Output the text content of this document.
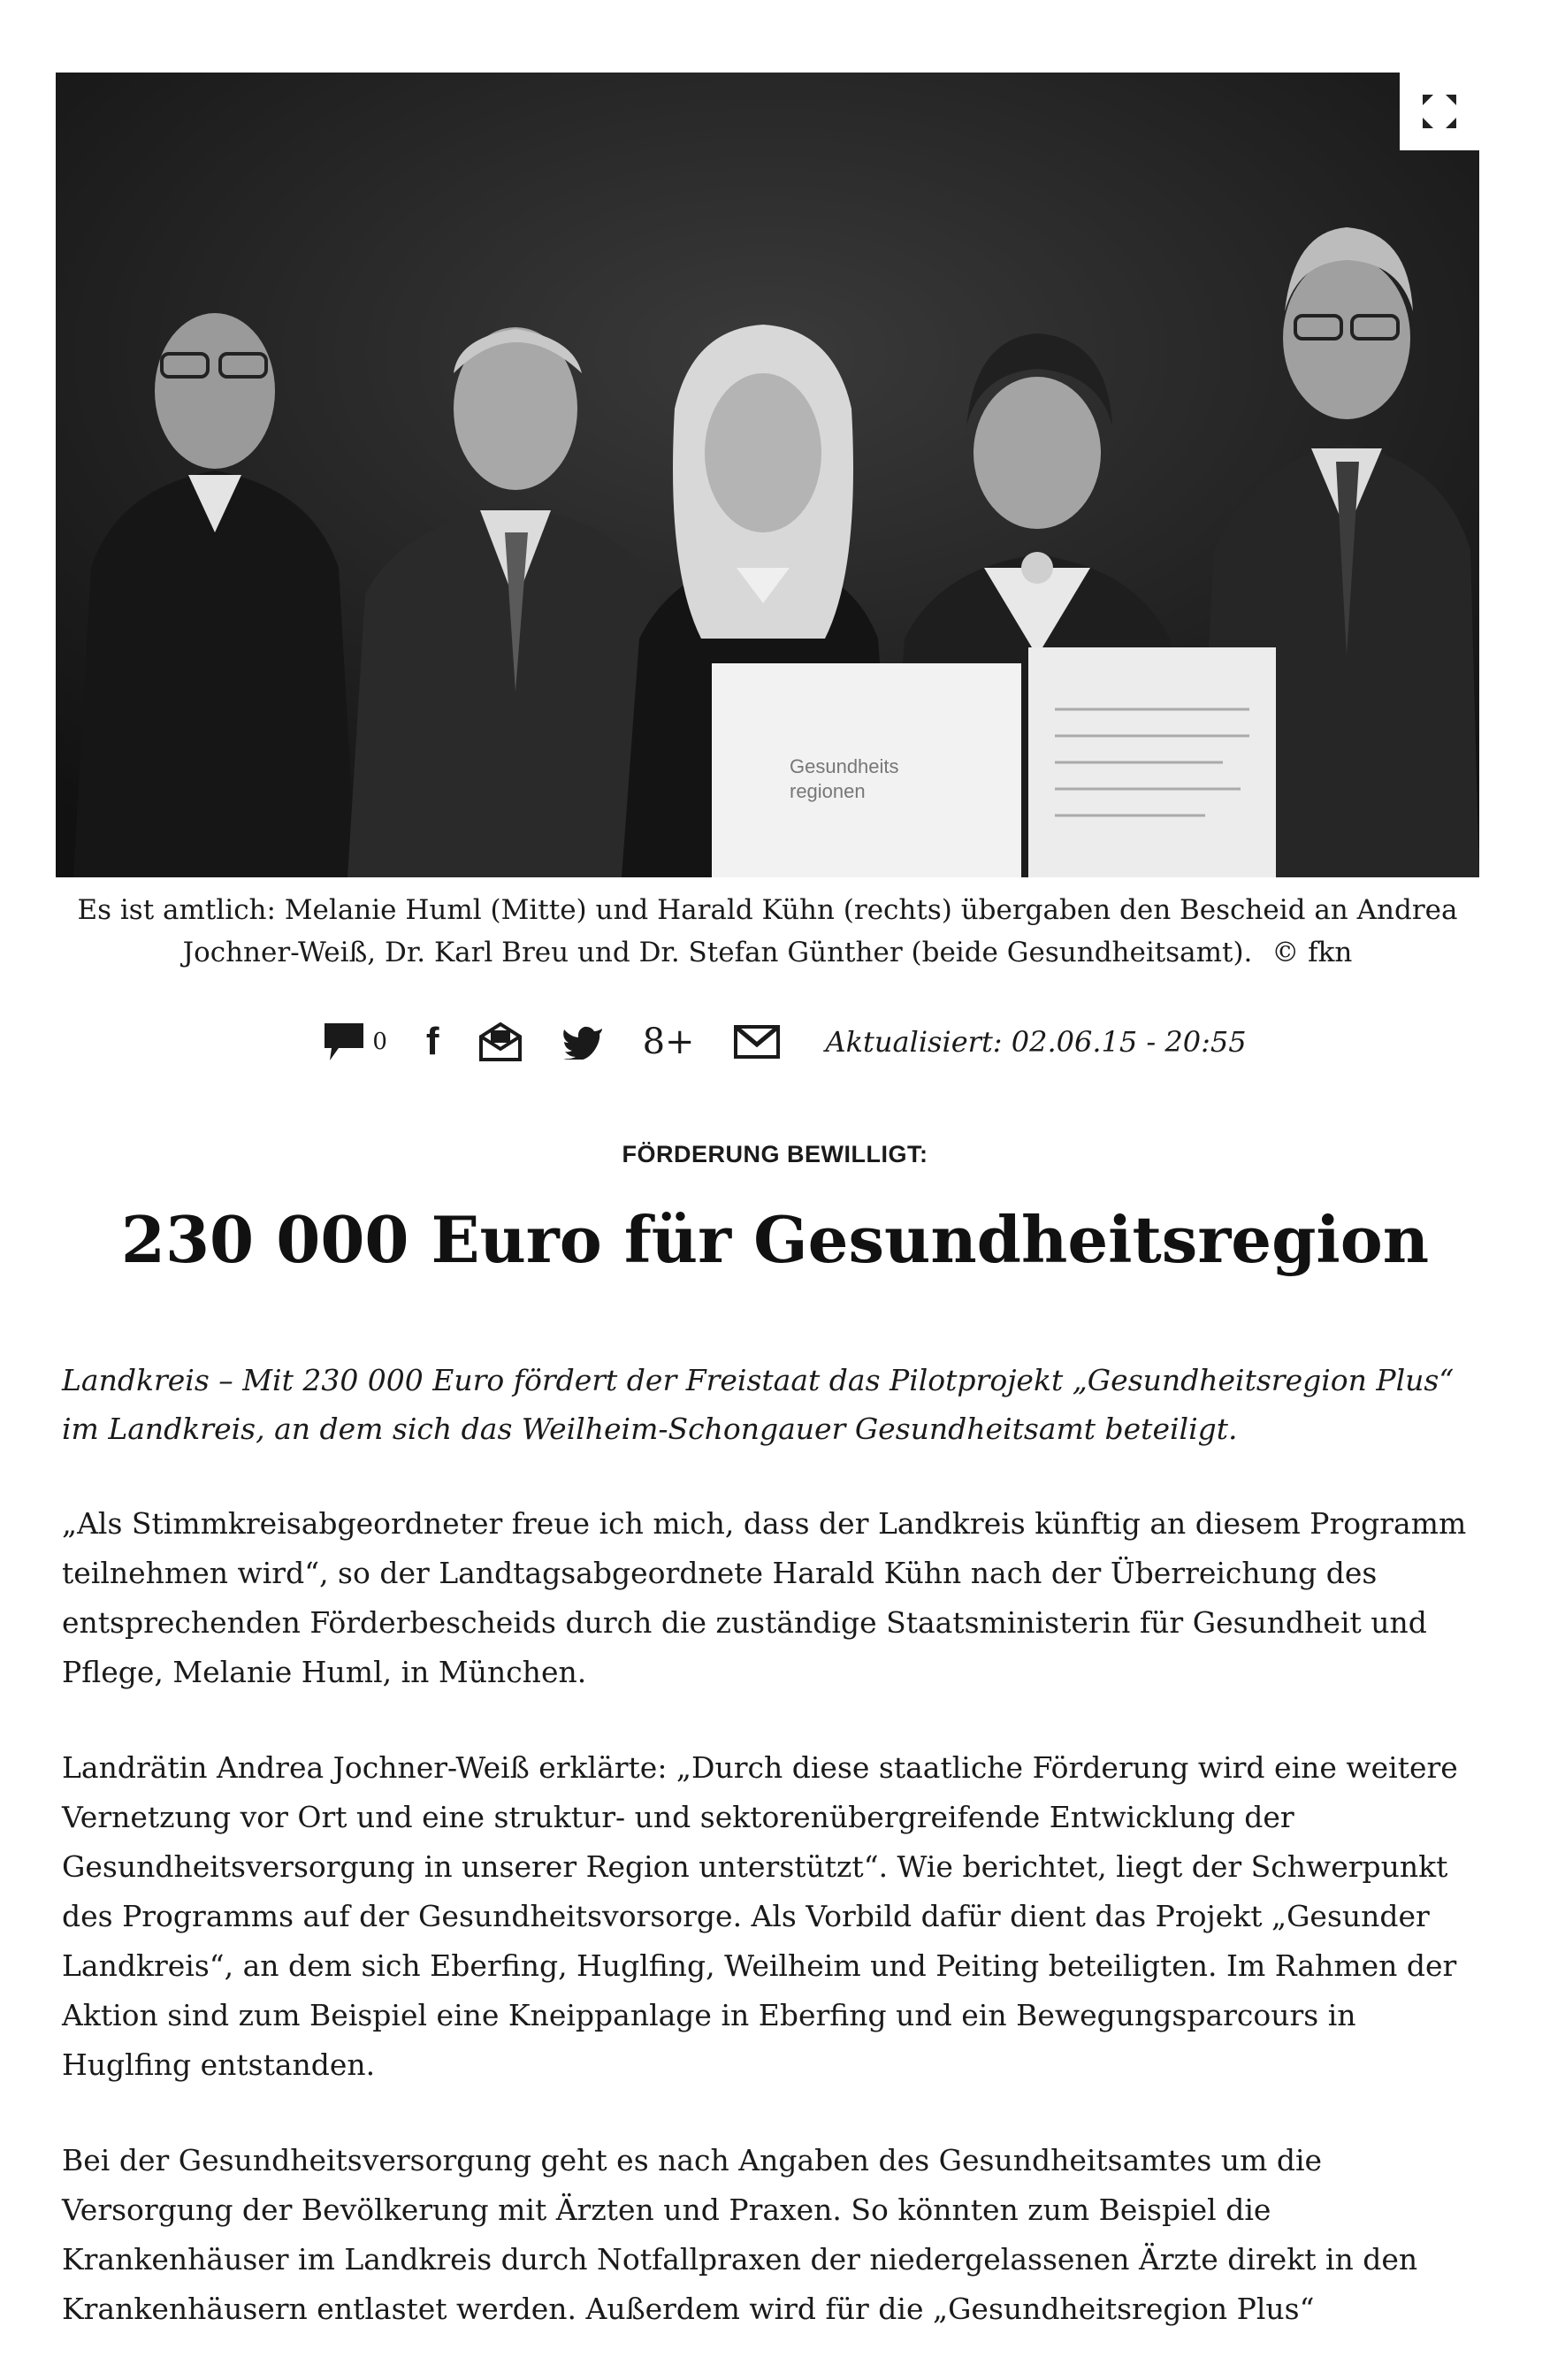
Gesundheits
regionen
Es ist amtlich: Melanie Huml (Mitte) und Harald Kühn (rechts) übergaben den Bescheid an Andrea Jochner-Weiß, Dr. Karl Breu und Dr. Stefan Günther (beide Gesundheitsamt). © fkn
0 f	8+	Aktualisiert: 02.06.15 - 20:55
FÖRDERUNG BEWILLIGT:
230 000 Euro für Gesundheitsregion

Landkreis – Mit 230 000 Euro fördert der Freistaat das Pilotprojekt „Gesundheitsregion Plus“ im Landkreis, an dem sich das Weilheim-Schongauer Gesundheitsamt beteiligt.

„Als Stimmkreisabgeordneter freue ich mich, dass der Landkreis künftig an diesem Programm teilnehmen wird“, so der Landtagsabgeordnete Harald Kühn nach der Überreichung des entsprechenden Förderbescheids durch die zuständige Staatsministerin für Gesundheit und Pflege, Melanie Huml, in München.

Landrätin Andrea Jochner-Weiß erklärte: „Durch diese staatliche Förderung wird eine weitere Vernetzung vor Ort und eine struktur- und sektorenübergreifende Entwicklung der Gesundheitsversorgung in unserer Region unterstützt“. Wie berichtet, liegt der Schwerpunkt des Programms auf der Gesundheitsvorsorge. Als Vorbild dafür dient das Projekt „Gesunder Landkreis“, an dem sich Eberfing, Huglfing, Weilheim und Peiting beteiligten. Im Rahmen der Aktion sind zum Beispiel eine Kneippanlage in Eberfing und ein Bewegungsparcours in Huglfing entstanden.

Bei der Gesundheitsversorgung geht es nach Angaben des Gesundheitsamtes um die Versorgung der Bevölkerung mit Ärzten und Praxen. So könnten zum Beispiel die Krankenhäuser im Landkreis durch Notfallpraxen der niedergelassenen Ärzte direkt in den Krankenhäusern entlastet werden. Außerdem wird für die „Gesundheitsregion Plus“
